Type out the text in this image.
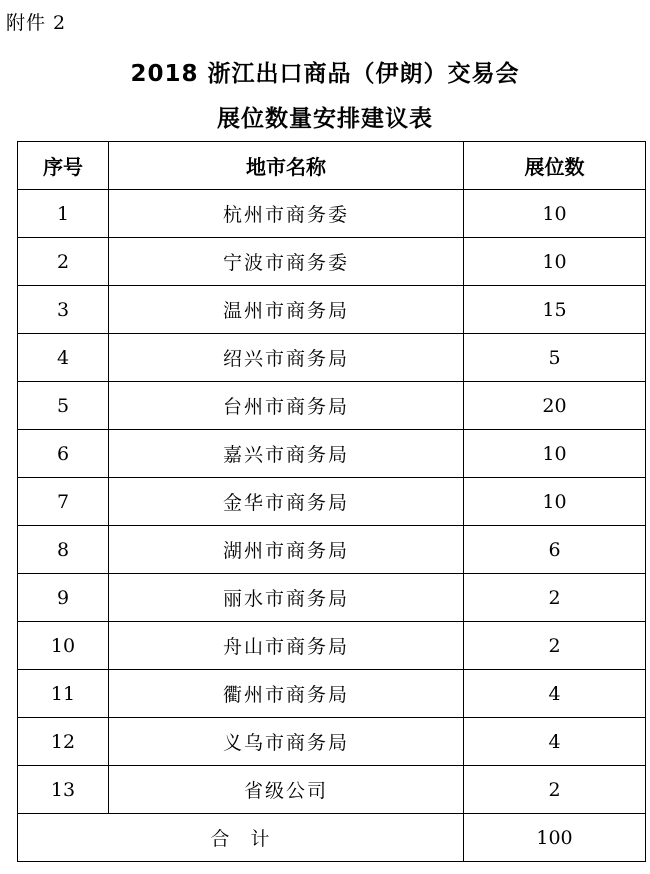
附件 2
2018 浙江出口商品（伊朗）交易会
展位数量安排建议表
序号	地市名称	展位数
1	杭州市商务委	10
2	宁波市商务委	10
3	温州市商务局	15
4	绍兴市商务局	5
5	台州市商务局	20
6	嘉兴市商务局	10
7	金华市商务局	10
8	湖州市商务局	6
9	丽水市商务局	2
10	舟山市商务局	2
11	衢州市商务局	4
12	义乌市商务局	4
13	省级公司	2
合　计		100
